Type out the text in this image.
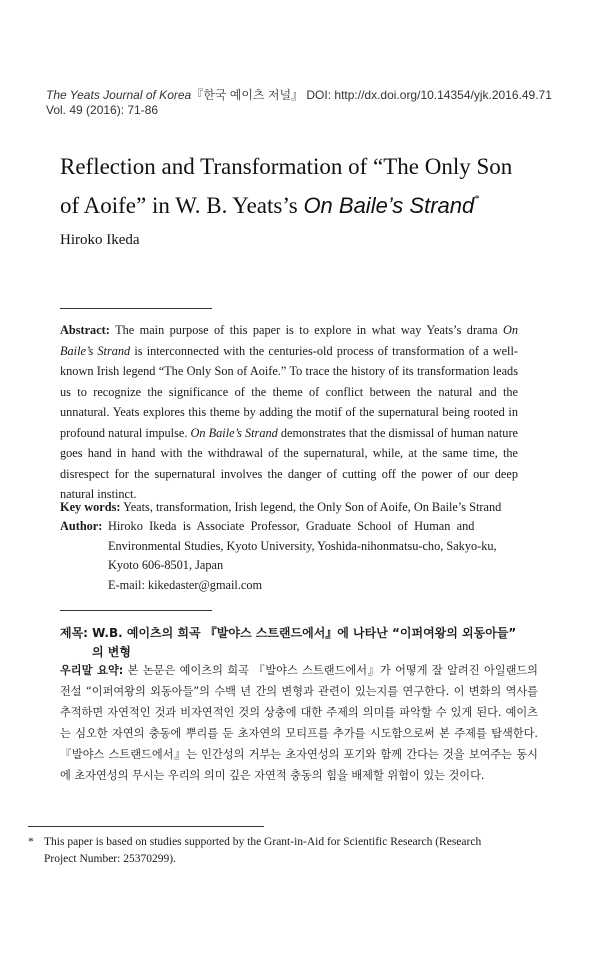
The Yeats Journal of Korea『한국 예이츠 저널』 DOI: http://dx.doi.org/10.14354/yjk.2016.49.71
Vol. 49 (2016): 71-86
Reflection and Transformation of “The Only Son
of Aoife” in W. B. Yeats’s On Baile’s Strand*
Hiroko Ikeda
Abstract: The main purpose of this paper is to explore in what way Yeats’s drama On Baile’s Strand is interconnected with the centuries-old process of transformation of a well-known Irish legend “The Only Son of Aoife.” To trace the history of its transformation leads us to recognize the significance of the theme of conflict between the natural and the unnatural. Yeats explores this theme by adding the motif of the supernatural being rooted in profound natural impulse. On Baile’s Strand demonstrates that the dismissal of human nature goes hand in hand with the withdrawal of the supernatural, while, at the same time, the disrespect for the supernatural involves the danger of cutting off the power of our deep natural instinct.
Key words: Yeats, transformation, Irish legend, the Only Son of Aoife, On Baile’s Strand
Author: Hiroko Ikeda is Associate Professor, Graduate School of Human and
Environmental Studies, Kyoto University, Yoshida-nihonmatsu-cho, Sakyo-ku,
Kyoto 606-8501, Japan
E-mail: kikedaster@gmail.com
제목: W.B. 예이츠의 희곡 『발야스 스트랜드에서』에 나타난 “이퍼여왕의 외동아들”
의 변형
우리말 요약: 본 논문은 예이츠의 희곡 『발야스 스트랜드에서』가 어떻게 잘 알려진 아일랜드의 전설 “이퍼여왕의 외동아들”의 수백 년 간의 변형과 관련이 있는지를 연구한다. 이 변화의 역사를 추적하면 자연적인 것과 비자연적인 것의 상충에 대한 주제의 의미를 파악할 수 있게 된다. 예이츠는 심오한 자연의 충동에 뿌리를 둔 초자연의 모티프를 추가를 시도함으로써 본 주제를 탐색한다. 『발야스 스트랜드에서』는 인간성의 거부는 초자연성의 포기와 함께 간다는 것을 보여주는 동시에 초자연성의 무시는 우리의 의미 깊은 자연적 충동의 힘을 배제할 위험이 있는 것이다.
* This paper is based on studies supported by the Grant-in-Aid for Scientific Research (Research
Project Number: 25370299).
